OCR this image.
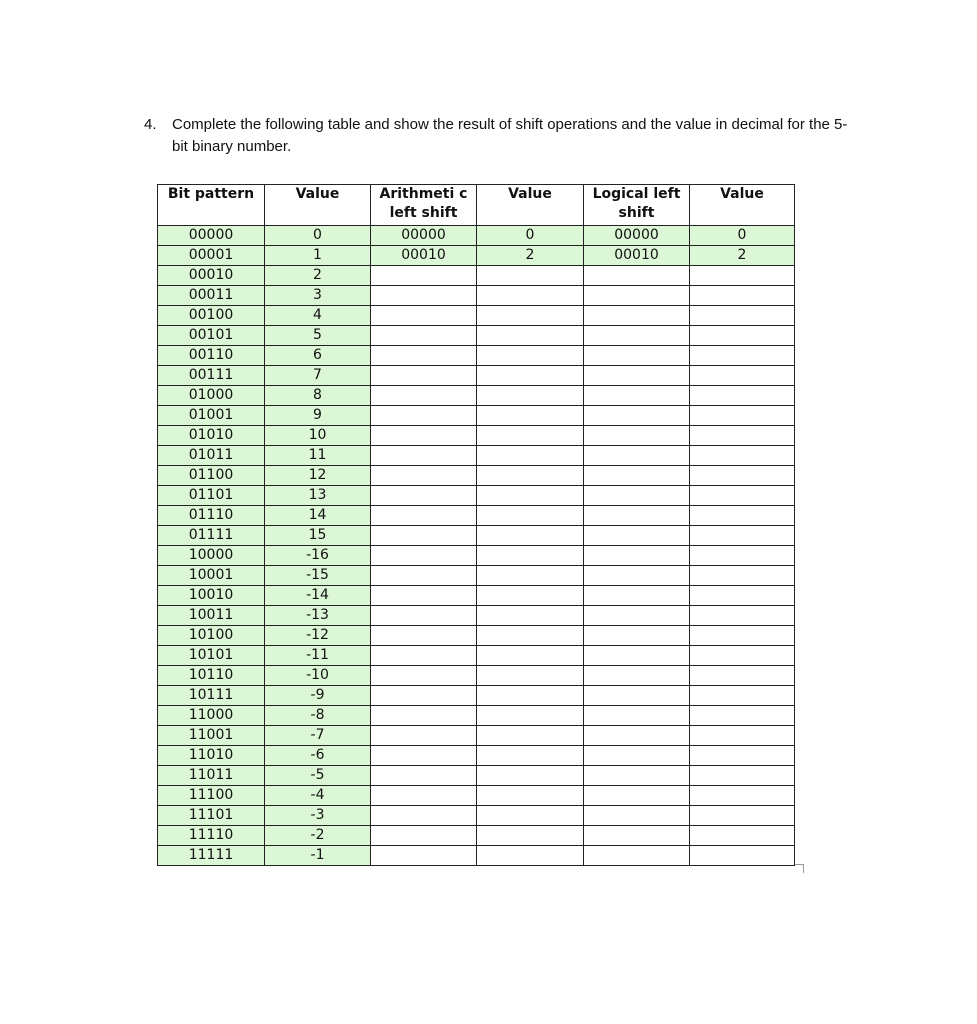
4.	Complete the following table and show the result of shift operations and the value in decimal for the 5-bit binary number.
Bit pattern	Value	Arithmeti c left shift	Value	Logical left shift	Value
00000	0	00000	0	00000	0
00001	1	00010	2	00010	2
00010	2				
00011	3				
00100	4				
00101	5				
00110	6				
00111	7				
01000	8				
01001	9				
01010	10				
01011	11				
01100	12				
01101	13				
01110	14				
01111	15				
10000	-16				
10001	-15				
10010	-14				
10011	-13				
10100	-12				
10101	-11				
10110	-10				
10111	-9				
11000	-8				
11001	-7				
11010	-6				
11011	-5				
11100	-4				
11101	-3				
11110	-2				
11111	-1				
